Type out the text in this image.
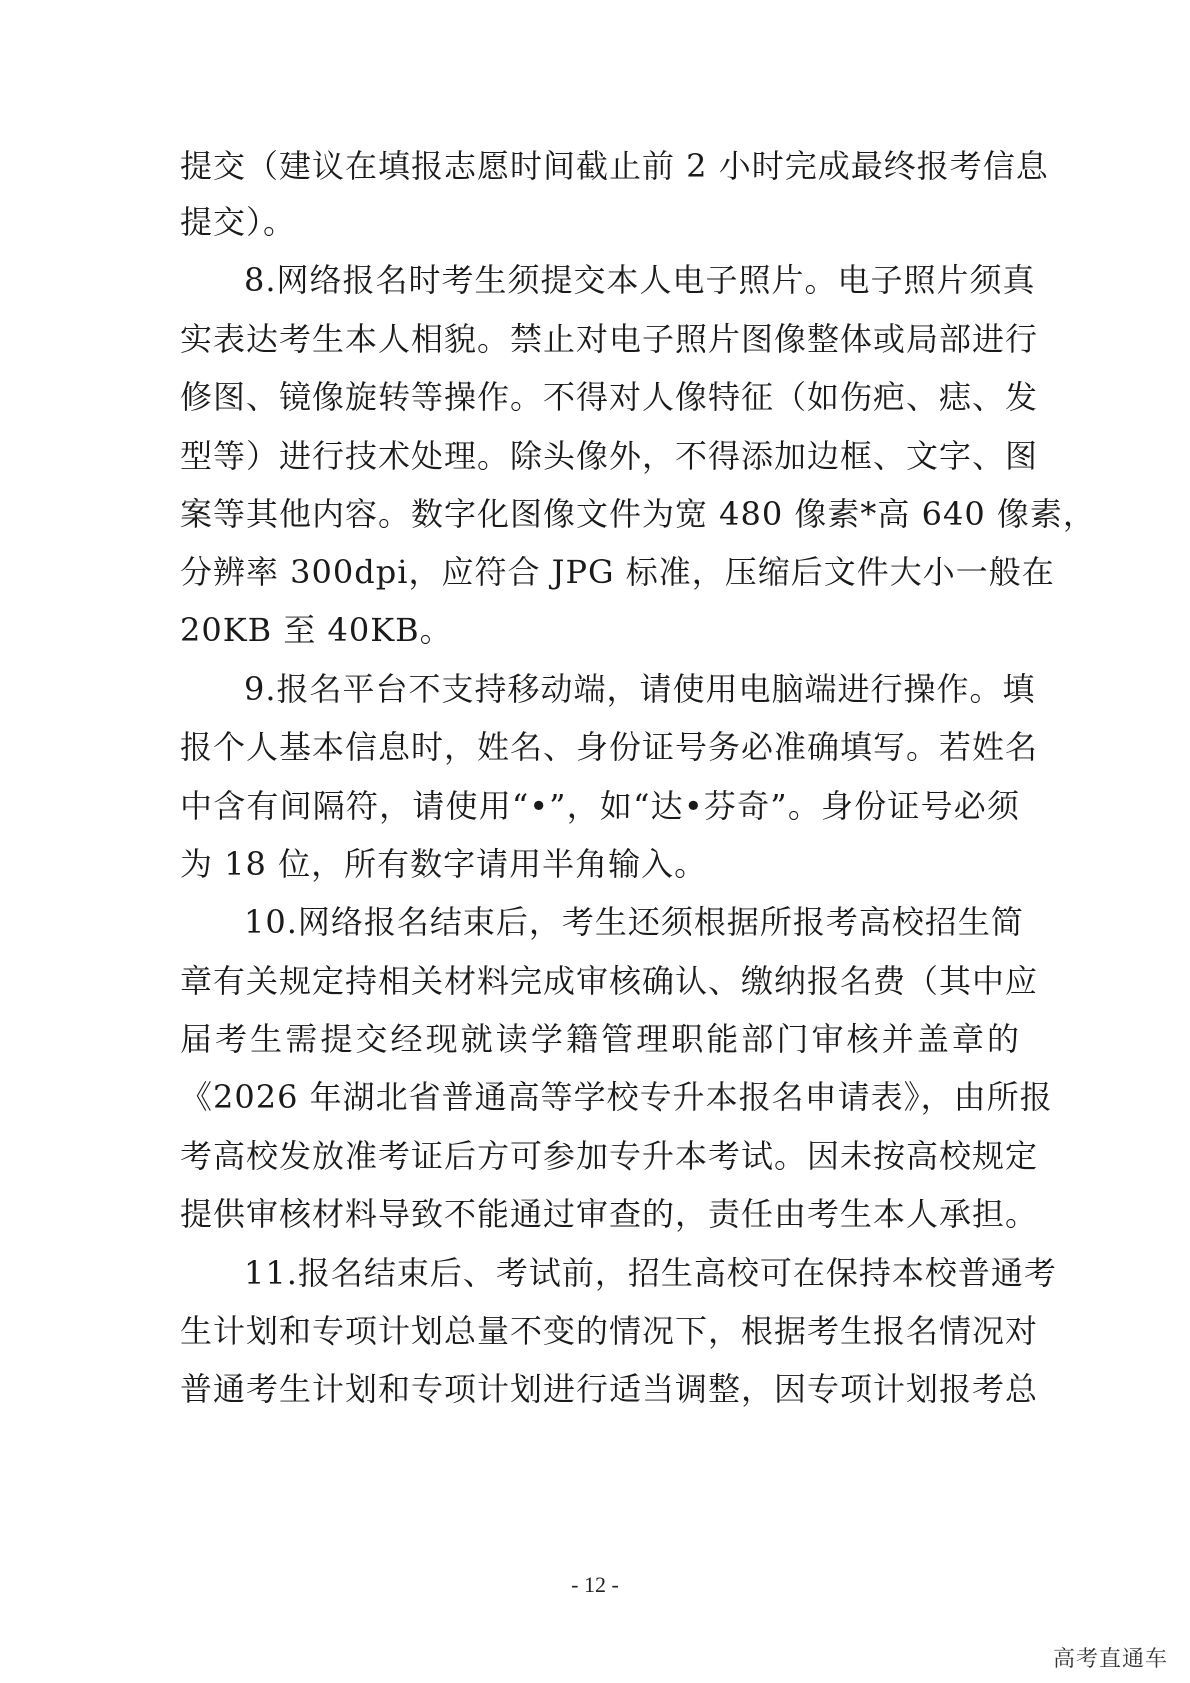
提交（建议在填报志愿时间截止前 2 小时完成最终报考信息
提交）。
8.网络报名时考生须提交本人电子照片。电子照片须真
实表达考生本人相貌。禁止对电子照片图像整体或局部进行
修图、镜像旋转等操作。不得对人像特征（如伤疤、痣、发
型等）进行技术处理。除头像外，不得添加边框、文字、图
案等其他内容。数字化图像文件为宽 480 像素*高 640 像素，
分辨率 300dpi，应符合 JPG 标准，压缩后文件大小一般在
20KB 至 40KB。
9.报名平台不支持移动端，请使用电脑端进行操作。填
报个人基本信息时，姓名、身份证号务必准确填写。若姓名
中含有间隔符，请使用“•”，如“达•芬奇”。身份证号必须
为 18 位，所有数字请用半角输入。
10.网络报名结束后，考生还须根据所报考高校招生简
章有关规定持相关材料完成审核确认、缴纳报名费（其中应
届考生需提交经现就读学籍管理职能部门审核并盖章的
《2026 年湖北省普通高等学校专升本报名申请表》，由所报
考高校发放准考证后方可参加专升本考试。因未按高校规定
提供审核材料导致不能通过审查的，责任由考生本人承担。
11.报名结束后、考试前，招生高校可在保持本校普通考
生计划和专项计划总量不变的情况下，根据考生报名情况对
普通考生计划和专项计划进行适当调整，因专项计划报考总
- 12 -
高考直通车
